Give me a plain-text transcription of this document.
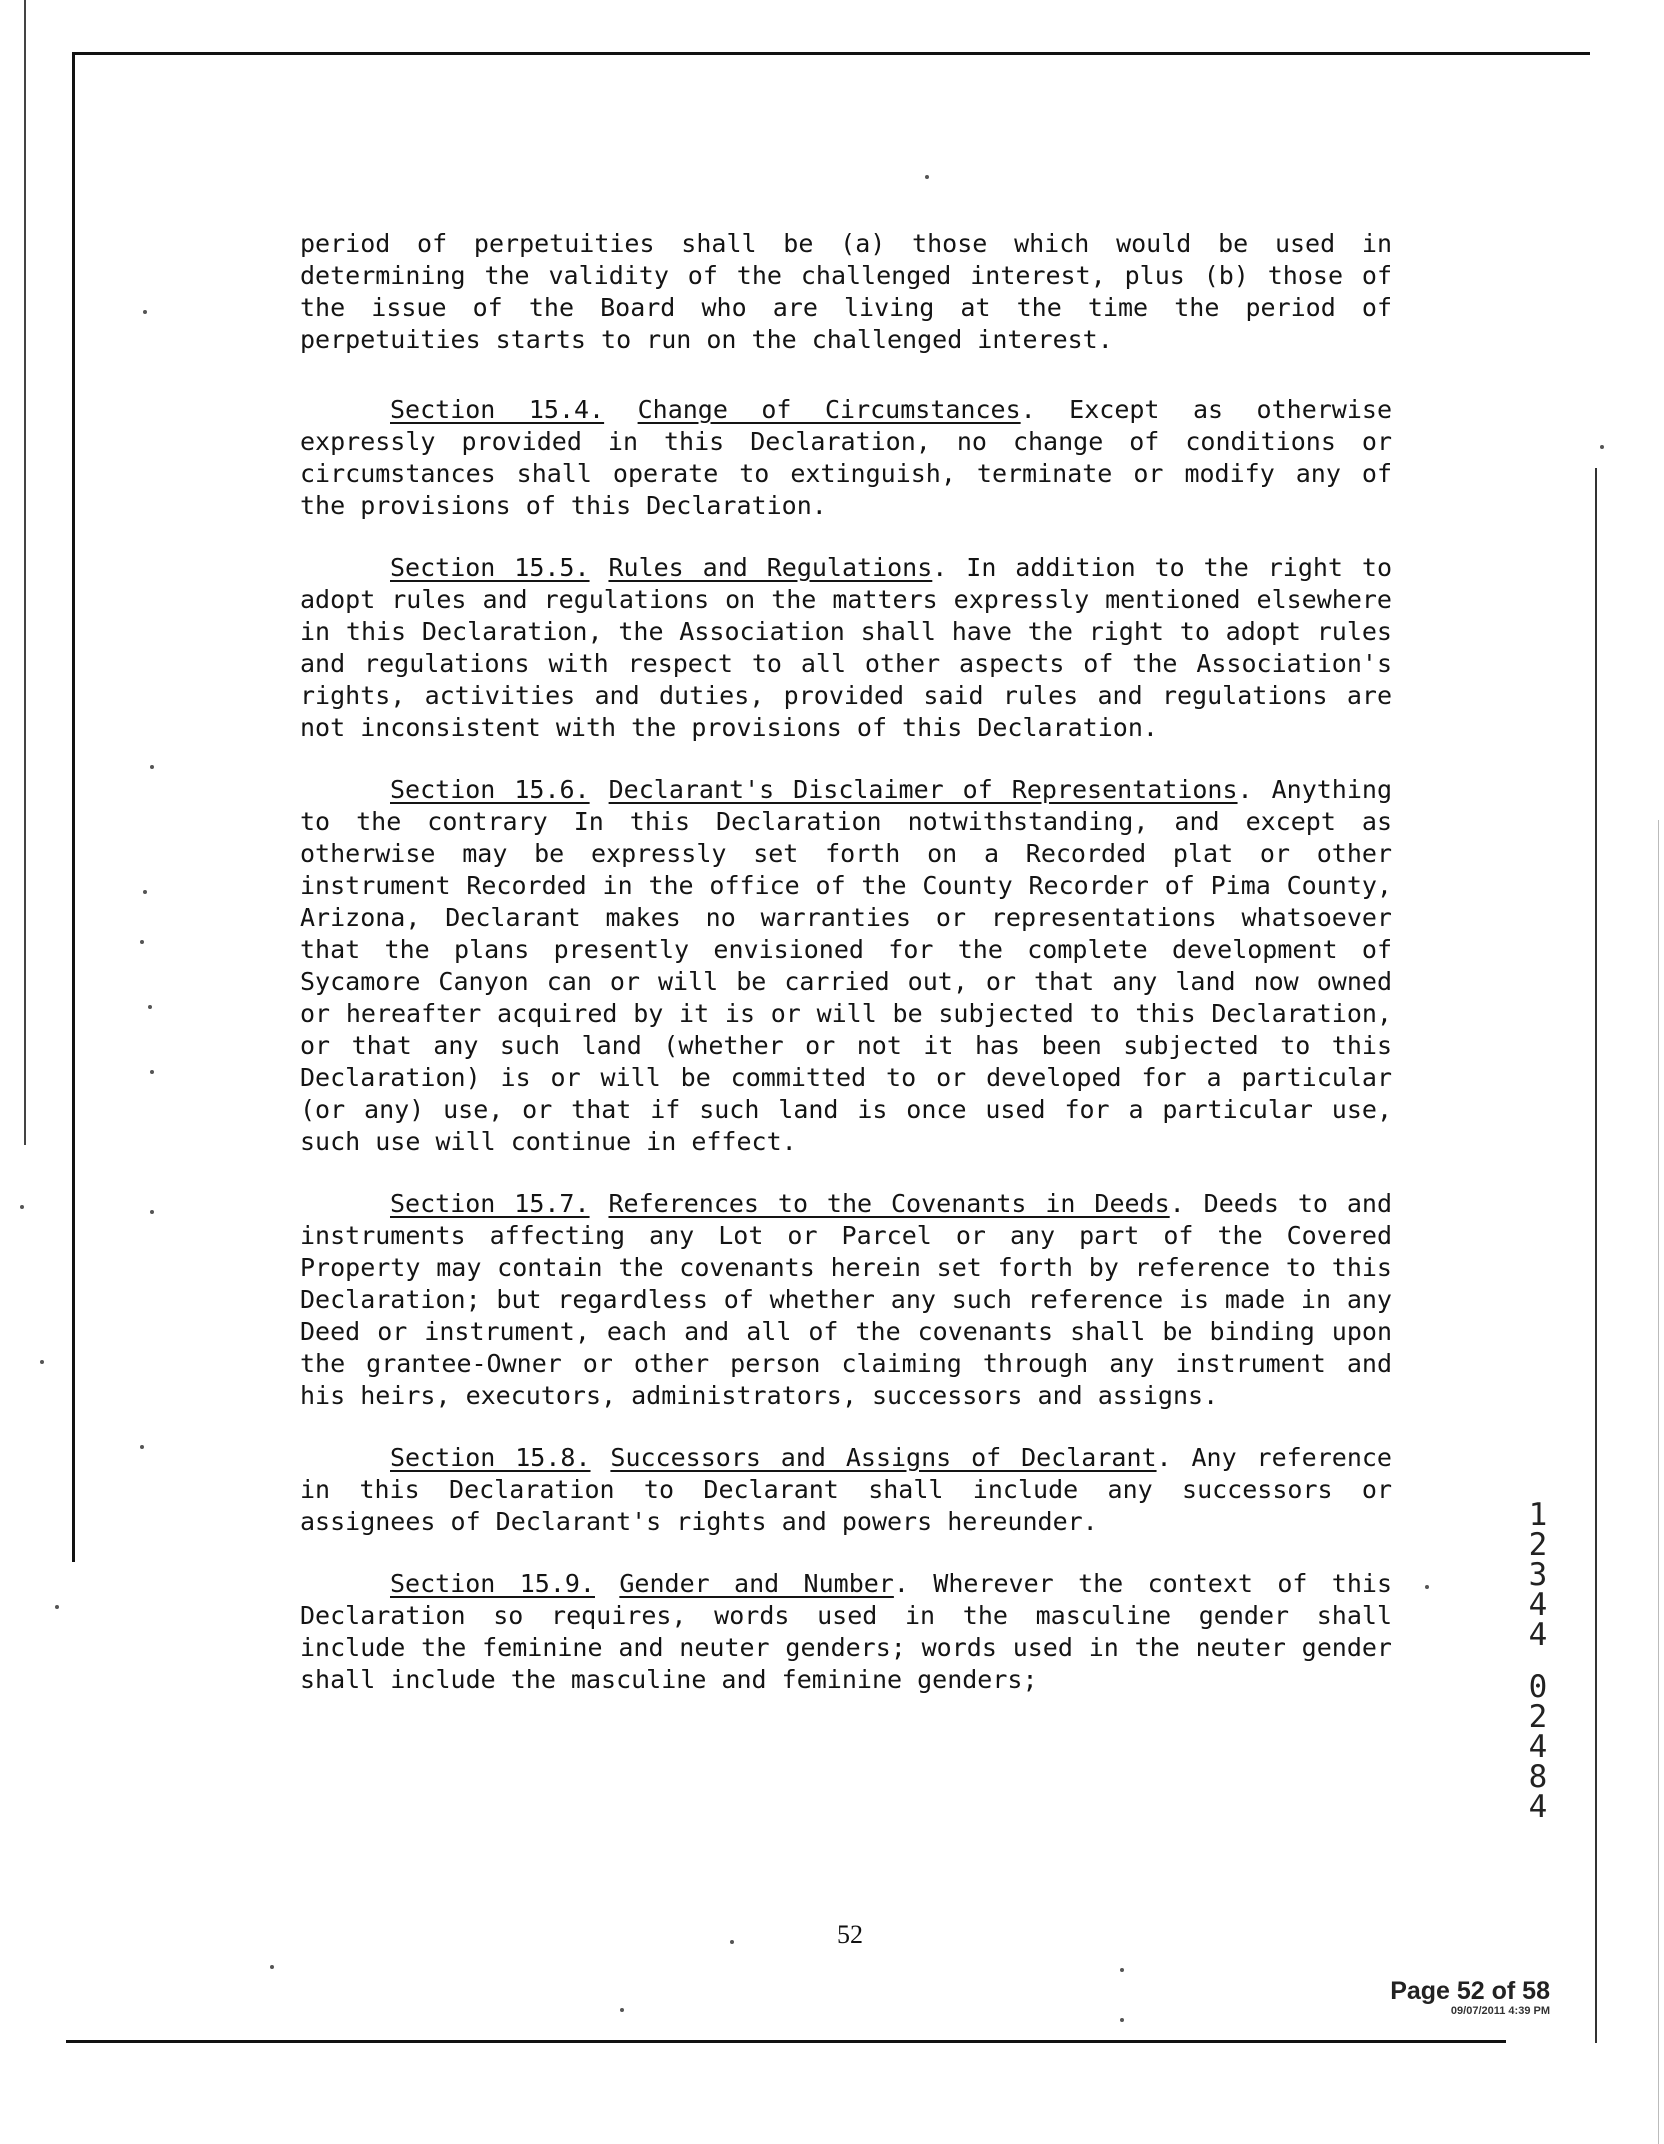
period of perpetuities shall be (a) those which would be used in determining the validity of the challenged interest, plus (b) those of the issue of the Board who are living at the time the period of perpetuities starts to run on the challenged interest.

Section 15.4. Change of Circumstances. Except as otherwise expressly provided in this Declaration, no change of conditions or circumstances shall operate to extinguish, terminate or modify any of the provisions of this Declaration.

Section 15.5. Rules and Regulations. In addition to the right to adopt rules and regulations on the matters expressly mentioned elsewhere in this Declaration, the Association shall have the right to adopt rules and regulations with respect to all other aspects of the Association's rights, activities and duties, provided said rules and regulations are not inconsistent with the provisions of this Declaration.

Section 15.6. Declarant's Disclaimer of Representations. Anything to the contrary In this Declaration notwithstanding, and except as otherwise may be expressly set forth on a Recorded plat or other instrument Recorded in the office of the County Recorder of Pima County, Arizona, Declarant makes no warranties or representations whatsoever that the plans presently envisioned for the complete development of Sycamore Canyon can or will be carried out, or that any land now owned or hereafter acquired by it is or will be subjected to this Declaration, or that any such land (whether or not it has been subjected to this Declaration) is or will be committed to or developed for a particular (or any) use, or that if such land is once used for a particular use, such use will continue in effect.

Section 15.7. References to the Covenants in Deeds. Deeds to and instruments affecting any Lot or Parcel or any part of the Covered Property may contain the covenants herein set forth by reference to this Declaration; but regardless of whether any such reference is made in any Deed or instrument, each and all of the covenants shall be binding upon the grantee-Owner or other person claiming through any instrument and his heirs, executors, administrators, successors and assigns.

Section 15.8. Successors and Assigns of Declarant. Any reference in this Declaration to Declarant shall include any successors or assignees of Declarant's rights and powers hereunder.

Section 15.9. Gender and Number. Wherever the context of this Declaration so requires, words used in the masculine gender shall include the feminine and neuter genders; words used in the neuter gender shall include the masculine and feminine genders;

1
2
3
4
4
0
2
4
8
4
52
Page 52 of 58
09/07/2011 4:39 PM
